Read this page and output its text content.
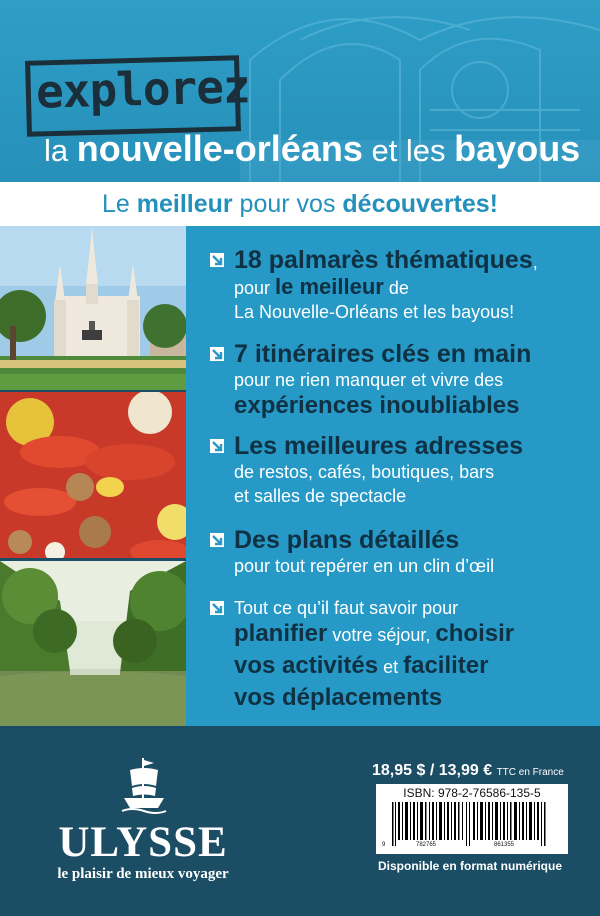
explorez
la nouvelle-orléans et les bayous
Le meilleur pour vos découvertes!
18 palmarès thématiques,
pour le meilleur de
La Nouvelle-Orléans et les bayous!
7 itinéraires clés en main
pour ne rien manquer et vivre des
expériences inoubliables
Les meilleures adresses
de restos, cafés, boutiques, bars
et salles de spectacle
Des plans détaillés
pour tout repérer en un clin d’œil
Tout ce qu’il faut savoir pour
planifier votre séjour, choisir
vos activités et faciliter
vos déplacements
ULYSSE
le plaisir de mieux voyager
18,95 $ / 13,99 € TTC en France
ISBN: 978-2-76586-135-5
9	782765	861355
Disponible en format numérique
